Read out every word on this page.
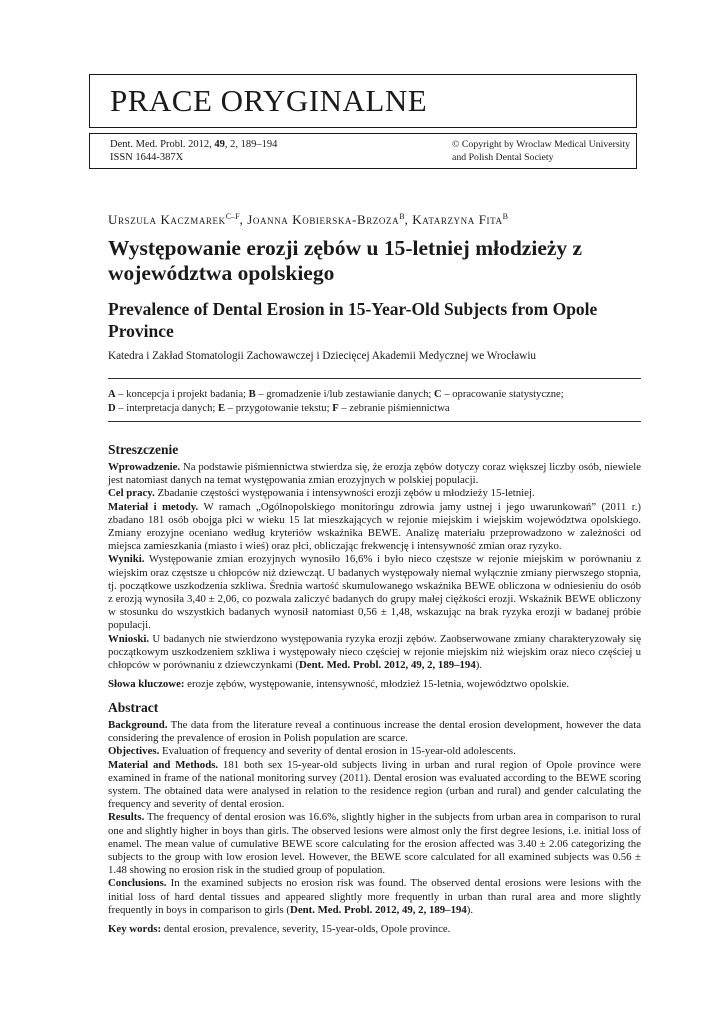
PRACE ORYGINALNE
Dent. Med. Probl. 2012, 49, 2, 189–194
ISSN 1644-387X
© Copyright by Wroclaw Medical University
and Polish Dental Society
Urszula Kaczmarek$^{C-F}$, Joanna Kobierska-Brzoza$^B$, Katarzyna Fita$^B$
Występowanie erozji zębów u 15-letniej młodzieży z województwa opolskiego
Prevalence of Dental Erosion in 15-Year-Old Subjects from Opole Province
Katedra i Zakład Stomatologii Zachowawczej i Dziecięcej Akademii Medycznej we Wrocławiu
A – koncepcja i projekt badania; B – gromadzenie i/lub zestawianie danych; C – opracowanie statystyczne;
D – interpretacja danych; E – przygotowanie tekstu; F – zebranie piśmiennictwa
Streszczenie
Wprowadzenie. Na podstawie piśmiennictwa stwierdza się, że erozja zębów dotyczy coraz większej liczby osób, niewiele jest natomiast danych na temat występowania zmian erozyjnych w polskiej populacji.
Cel pracy. Zbadanie częstości występowania i intensywności erozji zębów u młodzieży 15-letniej.
Materiał i metody. W ramach „Ogólnopolskiego monitoringu zdrowia jamy ustnej i jego uwarunkowań” (2011 r.) zbadano 181 osób obojga płci w wieku 15 lat mieszkających w rejonie miejskim i wiejskim województwa opolskiego. Zmiany erozyjne oceniano według kryteriów wskaźnika BEWE. Analizę materiału przeprowadzono w zależności od miejsca zamieszkania (miasto i wieś) oraz płci, obliczając frekwencję i intensywność zmian oraz ryzyko.
Wyniki. Występowanie zmian erozyjnych wynosiło 16,6% i było nieco częstsze w rejonie miejskim w porównaniu z wiejskim oraz częstsze u chłopców niż dziewcząt. U badanych występowały niemal wyłącznie zmiany pierwszego stopnia, tj. początkowe uszkodzenia szkliwa. Średnia wartość skumulowanego wskaźnika BEWE obliczona w odniesieniu do osób z erozją wynosiła 3,40 ± 2,06, co pozwala zaliczyć badanych do grupy małej ciężkości erozji. Wskaźnik BEWE obliczony w stosunku do wszystkich badanych wynosił natomiast 0,56 ± 1,48, wskazując na brak ryzyka erozji w badanej próbie populacji.
Wnioski. U badanych nie stwierdzono występowania ryzyka erozji zębów. Zaobserwowane zmiany charakteryzowały się początkowym uszkodzeniem szkliwa i występowały nieco częściej w rejonie miejskim niż wiejskim oraz nieco częściej u chłopców w porównaniu z dziewczynkami (Dent. Med. Probl. 2012, 49, 2, 189–194).
Słowa kluczowe: erozje zębów, występowanie, intensywność, młodzież 15-letnia, województwo opolskie.
Abstract
Background. The data from the literature reveal a continuous increase the dental erosion development, however the data considering the prevalence of erosion in Polish population are scarce.
Objectives. Evaluation of frequency and severity of dental erosion in 15-year-old adolescents.
Material and Methods. 181 both sex 15-year-old subjects living in urban and rural region of Opole province were examined in frame of the national monitoring survey (2011). Dental erosion was evaluated according to the BEWE scoring system. The obtained data were analysed in relation to the residence region (urban and rural) and gender calculating the frequency and severity of dental erosion.
Results. The frequency of dental erosion was 16.6%, slightly higher in the subjects from urban area in comparison to rural one and slightly higher in boys than girls. The observed lesions were almost only the first degree lesions, i.e. initial loss of enamel. The mean value of cumulative BEWE score calculating for the erosion affected was 3.40 ± 2.06 categorizing the subjects to the group with low erosion level. However, the BEWE score calculated for all examined subjects was 0.56 ± 1.48 showing no erosion risk in the studied group of population.
Conclusions. In the examined subjects no erosion risk was found. The observed dental erosions were lesions with the initial loss of hard dental tissues and appeared slightly more frequently in urban than rural area and more slightly frequently in boys in comparison to girls (Dent. Med. Probl. 2012, 49, 2, 189–194).
Key words: dental erosion, prevalence, severity, 15-year-olds, Opole province.
